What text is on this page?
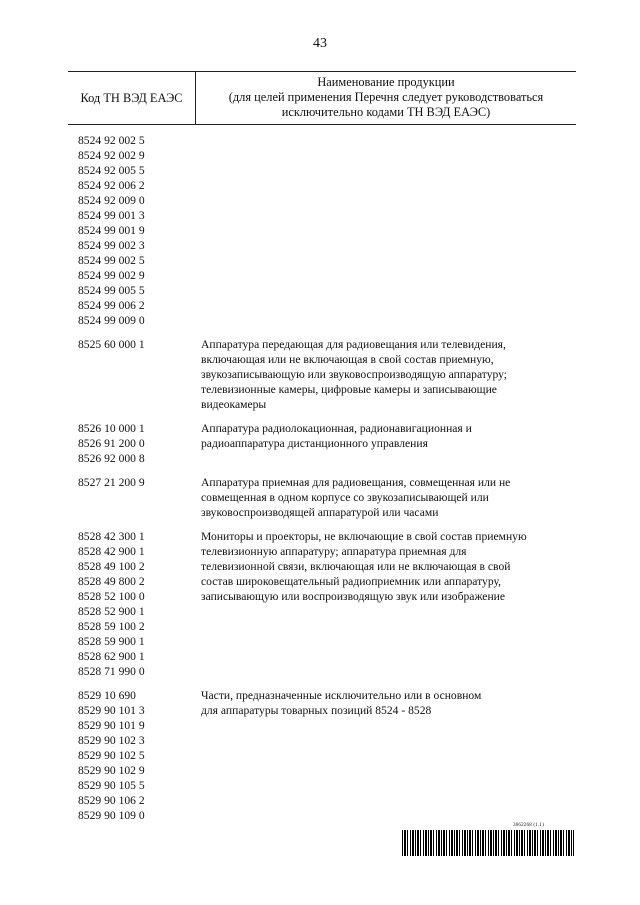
43
Код ТН ВЭД ЕАЭС
Наименование продукции
(для целей применения Перечня следует руководствоваться
исключительно кодами ТН ВЭД ЕАЭС)
8524 92 002 5
8524 92 002 9
8524 92 005 5
8524 92 006 2
8524 92 009 0
8524 99 001 3
8524 99 001 9
8524 99 002 3
8524 99 002 5
8524 99 002 9
8524 99 005 5
8524 99 006 2
8524 99 009 0
8525 60 000 1	Аппаратура передающая для радиовещания или телевидения,
включающая или не включающая в свой состав приемную,
звукозаписывающую или звуковоспроизводящую аппаратуру;
телевизионные камеры, цифровые камеры и записывающие
видеокамеры
8526 10 000 1
8526 91 200 0
8526 92 000 8
Аппаратура радиолокационная, радионавигационная и
радиоаппаратура дистанционного управления
8527 21 200 9	Аппаратура приемная для радиовещания, совмещенная или не
совмещенная в одном корпусе со звукозаписывающей или
звуковоспроизводящей аппаратурой или часами
8528 42 300 1
8528 42 900 1
8528 49 100 2
8528 49 800 2
8528 52 100 0
8528 52 900 1
8528 59 100 2
8528 59 900 1
8528 62 900 1
8528 71 990 0
Мониторы и проекторы, не включающие в свой состав приемную
телевизионную аппаратуру; аппаратура приемная для
телевизионной связи, включающая или не включающая в свой
состав широковещательный радиоприемник или аппаратуру,
записывающую или воспроизводящую звук или изображение
8529 10 690
8529 90 101 3
8529 90 101 9
8529 90 102 3
8529 90 102 5
8529 90 102 9
8529 90 105 5
8529 90 106 2
8529 90 109 0
Части, предназначенные исключительно или в основном
для аппаратуры товарных позиций 8524 - 8528
3662268 (1.1)
